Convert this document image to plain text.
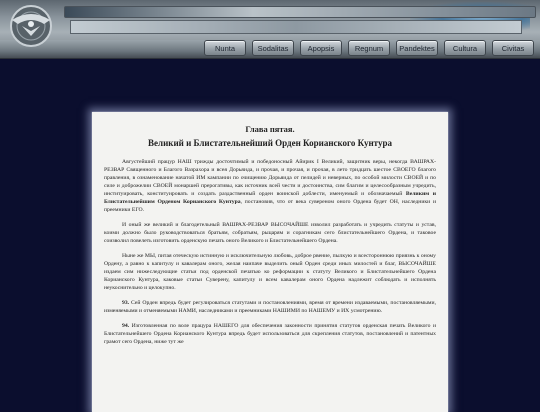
Nunta	Sodalitas	Apopsis	Regnum	Pandektes	Cultura	Civitas
Глава пятая.
Великий и Блистательнейший Орден Корианского Кунтура

Августейший працур НАШ трижды досточтимый и победоносный Айирик I Великий, защитник веры, некогда ВАШРАХ-РЕЗВАР Священного и Благого Вазрахора и всея Дорьяида, и прочая, и прочая, и прочая, в лето тридцать шестое СВОЕГО благого правления, в ознаменование начатой ИМ кампании по очищению Дорьяида от пелидей и неверных, по особой милости СВОЕЙ и по силе и доброжелии СВОЕЙ монаршей прерогативы, как источник всей чести и достоинства, сим благим и целесообразным учредить, институировать, конституировать и создать раздаственный орден воинской доблести, именуемый и обозначаемый Великим и Блистательнейшим Орденом Корианского Кунтура, постановив, что от века сувереном оного Ордена будет ОН, наследники и преемники ЕГО.

И оный же великий и благодетельный ВАШРАХ-РЕЗВАР ВЫСОЧАЙШЕ изволил разработать и учредить статуты и устав, коими должно было руководствоваться братьям, собратьям, рыцарям и сорагникам сего блистательнейшего Ордена, и таковое соизволил повелеть изготовить орденскую печать оного Великого и Блистательнейшего Ордена.

Ныне же МЫ, питая отеческую истинную и исключительную любовь, доброе рвение, пылкую и всестороннюю приязнь к оному Ордену, а равно к капитулу и кавалерам оного, желая наипаче выделить оный Орден среди иных милостей и благ, ВЫСОЧАЙШЕ издаем сим нижеследующие статьи под орденской печатью ко реформации к статуту Великого и Блистательнейшего Ордена Корианского Кунтура, каковые статьи Суверену, капитулу и всем кавалерам оного Ордена надлежит соблюдать и исполнять неукоснительно и целокупно.

93. Сей Орден впредь будет регулироваться статутами и постановлениями, время от времени издаваемыми, постановляемыми, изменяемыми и отменяемыми НАМИ, наследниками и преемниками НАШИМИ по НАШЕМУ и ИХ усмотрению.

94. Изготовленная по воле працура НАШЕГО для обеспечения законности принятия статутов орденская печать Великого и Блистательнейшего Ордена Корианского Кунтура впредь будет использоваться для скрепления статутов, постановлений и патентных грамот сего Ордена, ниже тут же
